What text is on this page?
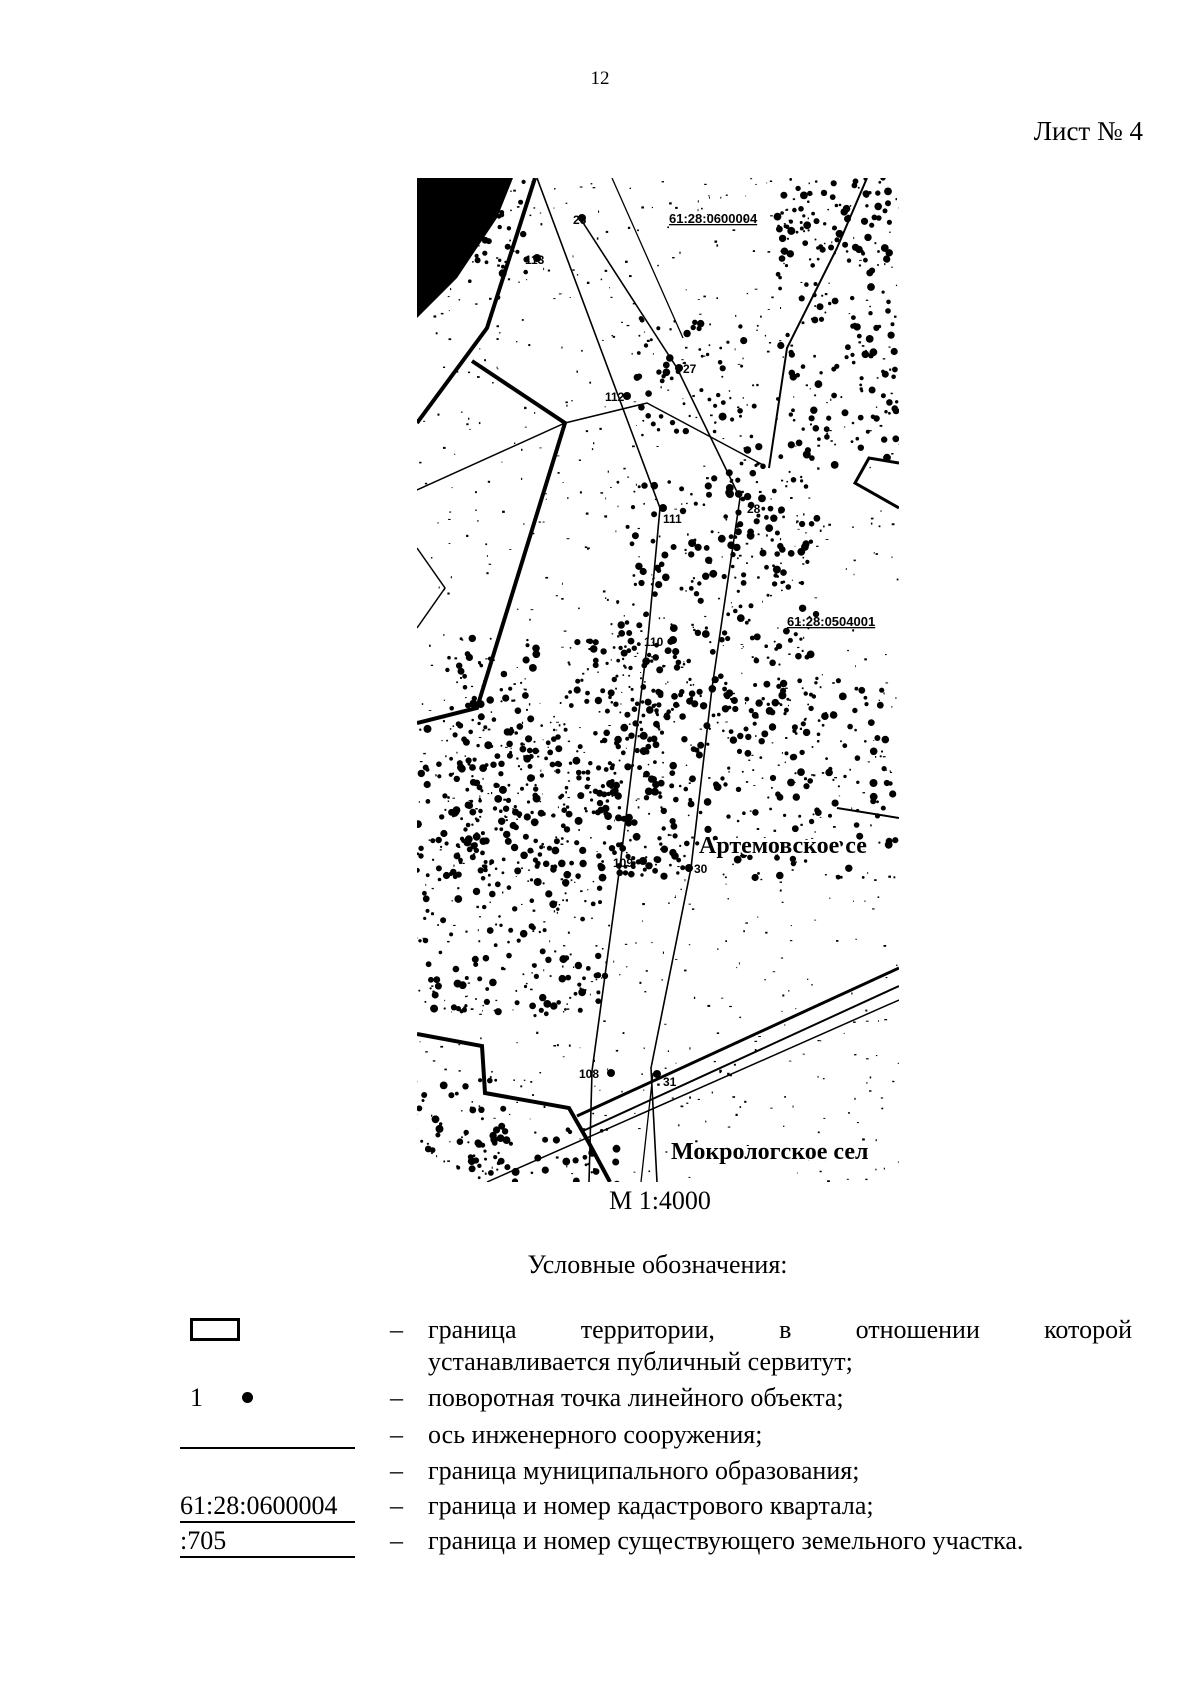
12
Лист № 4
26
113
27
112
28
111
110
109	30
108
31
61:28:0600004
61:28:0504001
Артемовское се
Мокрологское сел
М 1:4000
Условные обозначения:
– граница территории, в отношении которой
устанавливается публичный сервитут;
1	– поворотная точка линейного объекта;
– ось инженерного сооружения;
– граница муниципального образования;
61:28:0600004	– граница и номер кадастрового квартала;
:705	– граница и номер существующего земельного участка.
